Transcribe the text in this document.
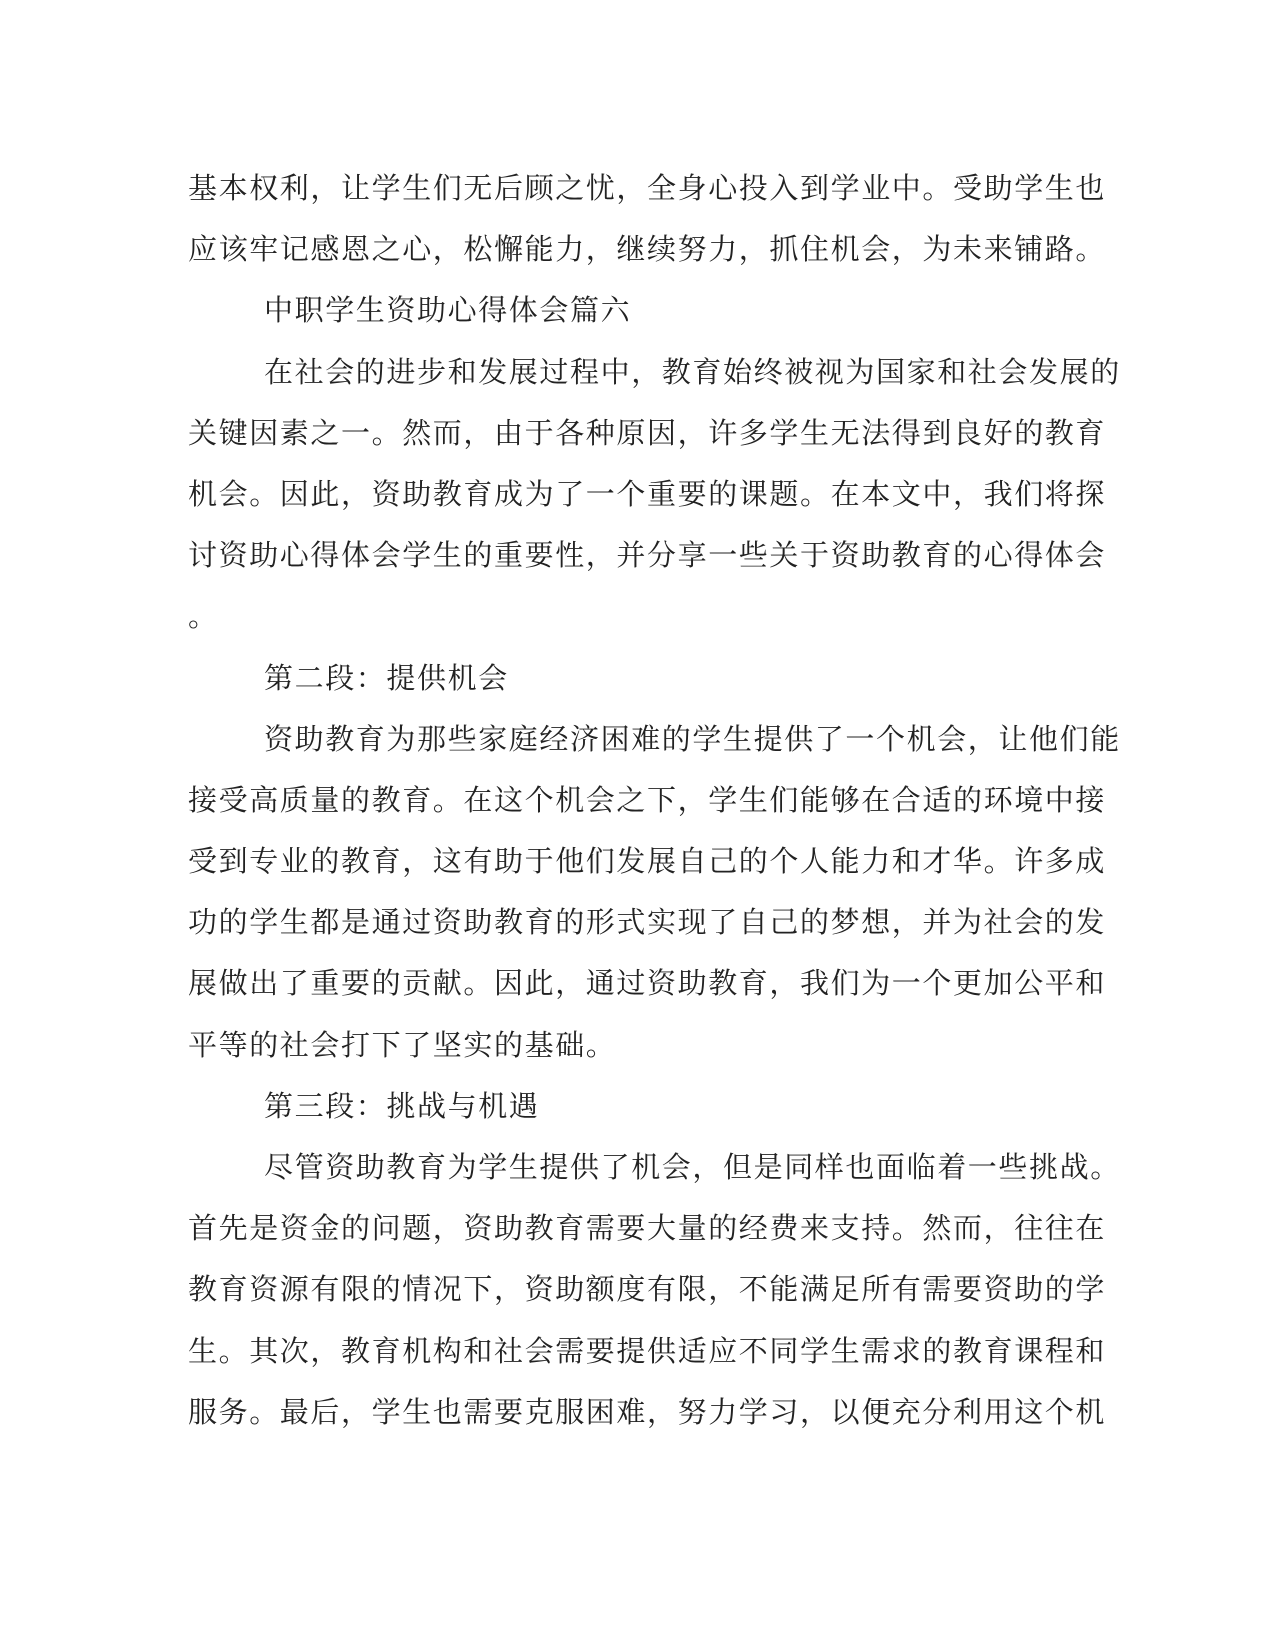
基本权利，让学生们无后顾之忧，全身心投入到学业中。受助学生也
应该牢记感恩之心，松懈能力，继续努力，抓住机会，为未来铺路。
中职学生资助心得体会篇六
在社会的进步和发展过程中，教育始终被视为国家和社会发展的
关键因素之一。然而，由于各种原因，许多学生无法得到良好的教育
机会。因此，资助教育成为了一个重要的课题。在本文中，我们将探
讨资助心得体会学生的重要性，并分享一些关于资助教育的心得体会
。
第二段：提供机会
资助教育为那些家庭经济困难的学生提供了一个机会，让他们能
接受高质量的教育。在这个机会之下，学生们能够在合适的环境中接
受到专业的教育，这有助于他们发展自己的个人能力和才华。许多成
功的学生都是通过资助教育的形式实现了自己的梦想，并为社会的发
展做出了重要的贡献。因此，通过资助教育，我们为一个更加公平和
平等的社会打下了坚实的基础。
第三段：挑战与机遇
尽管资助教育为学生提供了机会，但是同样也面临着一些挑战。
首先是资金的问题，资助教育需要大量的经费来支持。然而，往往在
教育资源有限的情况下，资助额度有限，不能满足所有需要资助的学
生。其次，教育机构和社会需要提供适应不同学生需求的教育课程和
服务。最后，学生也需要克服困难，努力学习，以便充分利用这个机
